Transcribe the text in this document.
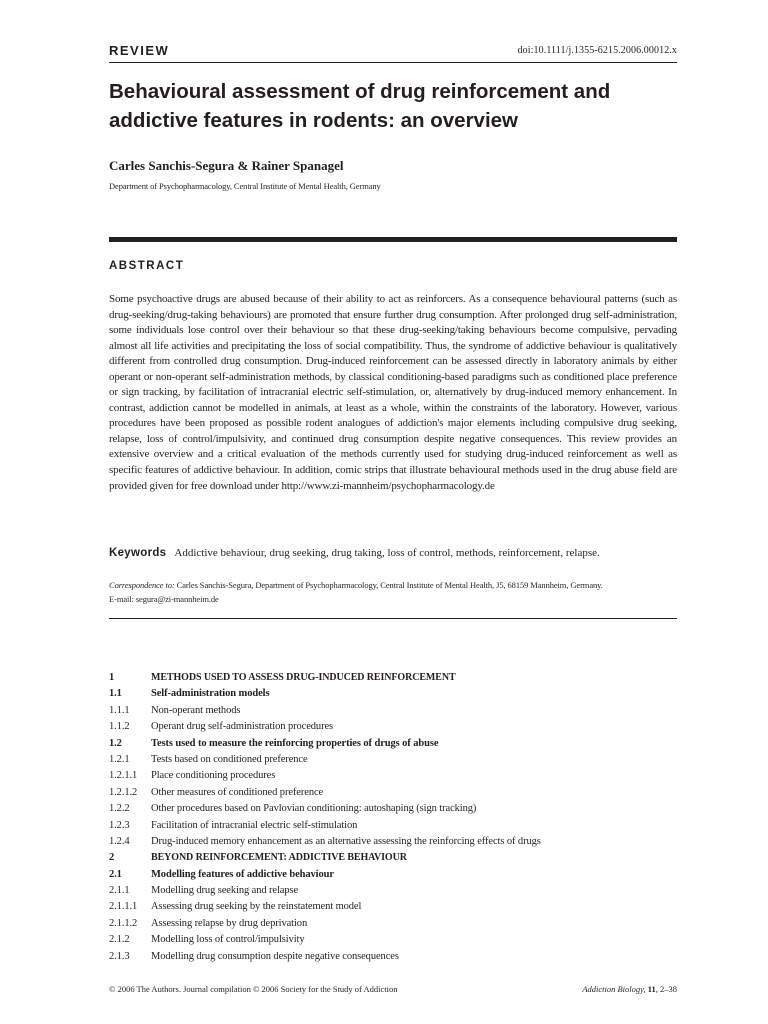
REVIEW	doi:10.1111/j.1355-6215.2006.00012.x
Behavioural assessment of drug reinforcement and addictive features in rodents: an overview
Carles Sanchis-Segura & Rainer Spanagel
Department of Psychopharmacology, Central Institute of Mental Health, Germany
ABSTRACT

Some psychoactive drugs are abused because of their ability to act as reinforcers. As a consequence behavioural patterns (such as drug-seeking/drug-taking behaviours) are promoted that ensure further drug consumption. After prolonged drug self-administration, some individuals lose control over their behaviour so that these drug-seeking/taking behaviours become compulsive, pervading almost all life activities and precipitating the loss of social compatibility. Thus, the syndrome of addictive behaviour is qualitatively different from controlled drug consumption. Drug-induced reinforcement can be assessed directly in laboratory animals by either operant or non-operant self-administration methods, by classical conditioning-based paradigms such as conditioned place preference or sign tracking, by facilitation of intracranial electric self-stimulation, or, alternatively by drug-induced memory enhancement. In contrast, addiction cannot be modelled in animals, at least as a whole, within the constraints of the laboratory. However, various procedures have been proposed as possible rodent analogues of addiction's major elements including compulsive drug seeking, relapse, loss of control/impulsivity, and continued drug consumption despite negative consequences. This review provides an extensive overview and a critical evaluation of the methods currently used for studying drug-induced reinforcement as well as specific features of addictive behaviour. In addition, comic strips that illustrate behavioural methods used in the drug abuse field are provided given for free download under http://www.zi-mannheim/psychopharmacology.de

Keywords Addictive behaviour, drug seeking, drug taking, loss of control, methods, reinforcement, relapse.

Correspondence to: Carles Sanchis-Segura, Department of Psychopharmacology, Central Institute of Mental Health, J5, 68159 Mannheim, Germany.
E-mail: segura@zi-mannheim.de

1	METHODS USED TO ASSESS DRUG-INDUCED REINFORCEMENT
1.1	Self-administration models
1.1.1 Non-operant methods
1.1.2 Operant drug self-administration procedures
1.2	Tests used to measure the reinforcing properties of drugs of abuse
1.2.1 Tests based on conditioned preference
1.2.1.1 Place conditioning procedures
1.2.1.2 Other measures of conditioned preference
1.2.2 Other procedures based on Pavlovian conditioning: autoshaping (sign tracking)
1.2.3 Facilitation of intracranial electric self-stimulation
1.2.4 Drug-induced memory enhancement as an alternative assessing the reinforcing effects of drugs
2	BEYOND REINFORCEMENT: ADDICTIVE BEHAVIOUR
2.1	Modelling features of addictive behaviour
2.1.1 Modelling drug seeking and relapse
2.1.1.1 Assessing drug seeking by the reinstatement model
2.1.1.2 Assessing relapse by drug deprivation
2.1.2 Modelling loss of control/impulsivity
2.1.3 Modelling drug consumption despite negative consequences
© 2006 The Authors. Journal compilation © 2006 Society for the Study of Addiction	Addiction Biology, 11, 2–38
